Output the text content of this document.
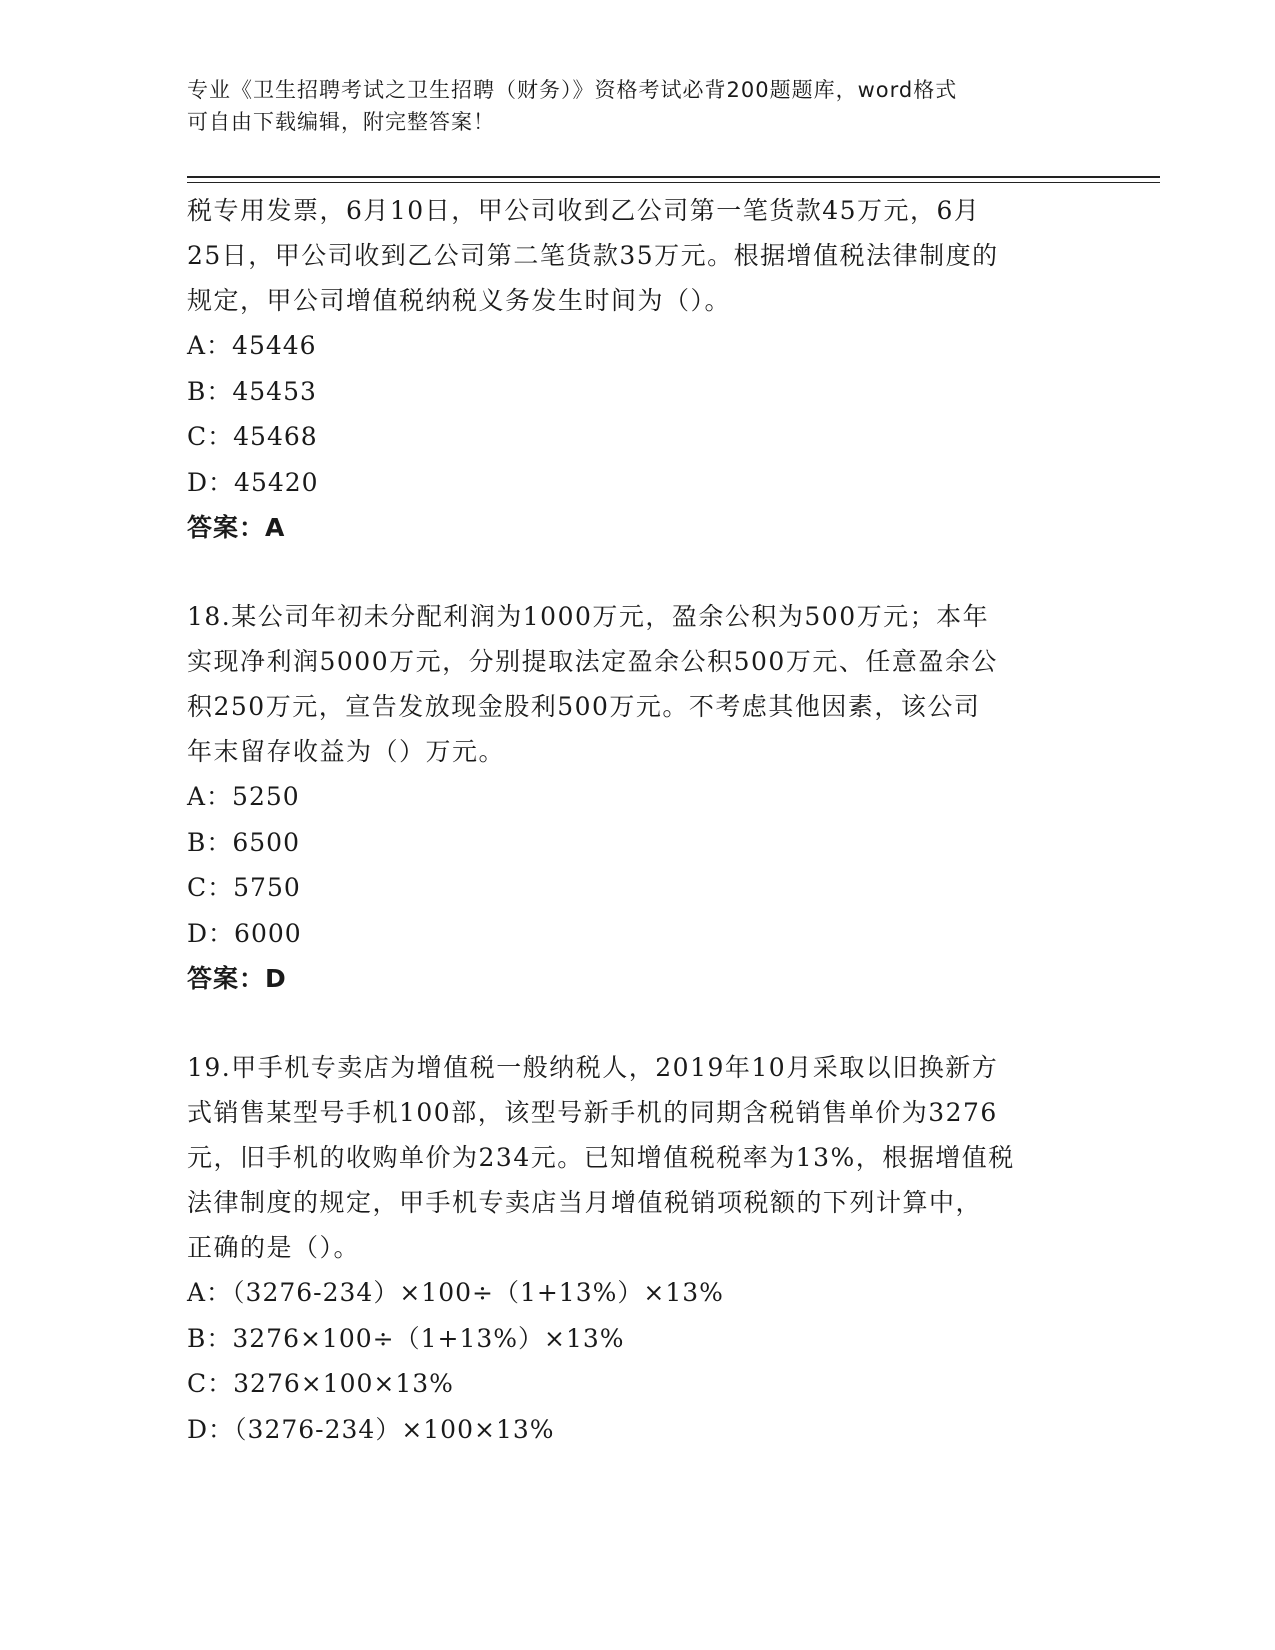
专业《卫生招聘考试之卫生招聘（财务）》资格考试必背200题题库，word格式
可自由下载编辑，附完整答案！
税专用发票，6月10日，甲公司收到乙公司第一笔货款45万元，6月
25日，甲公司收到乙公司第二笔货款35万元。根据增值税法律制度的
规定，甲公司增值税纳税义务发生时间为（）。
A：45446
B：45453
C：45468
D：45420
答案：A
18.某公司年初未分配利润为1000万元，盈余公积为500万元；本年
实现净利润5000万元，分别提取法定盈余公积500万元、任意盈余公
积250万元，宣告发放现金股利500万元。不考虑其他因素，该公司
年末留存收益为（）万元。
A：5250
B：6500
C：5750
D：6000
答案：D
19.甲手机专卖店为增值税一般纳税人，2019年10月采取以旧换新方
式销售某型号手机100部，该型号新手机的同期含税销售单价为3276
元，旧手机的收购单价为234元。已知增值税税率为13%，根据增值税
法律制度的规定，甲手机专卖店当月增值税销项税额的下列计算中，
正确的是（）。
A：（3276-234）×100÷（1+13%）×13%
B：3276×100÷（1+13%）×13%
C：3276×100×13%
D：（3276-234）×100×13%
